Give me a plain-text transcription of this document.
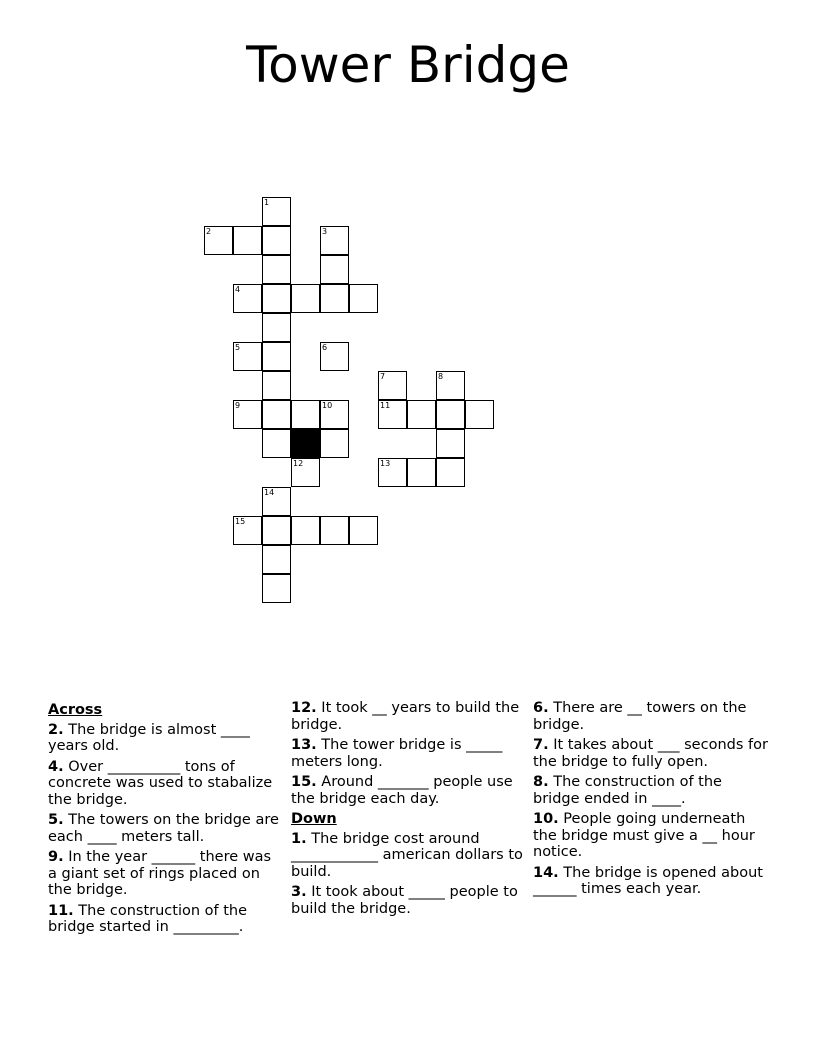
Tower Bridge
1
2	3
4
5	6
7	8
9	10	11
12	13
14
15
Across
2. The bridge is almost ____ years old.
4. Over __________ tons of concrete was used to stabalize the bridge.
5. The towers on the bridge are each ____ meters tall.
9. In the year ______ there was a giant set of rings placed on the bridge.
11. The construction of the bridge started in _________.
12. It took __ years to build the bridge.
13. The tower bridge is _____ meters long.
15. Around _______ people use the bridge each day.
Down
1. The bridge cost around ____________ american dollars to build.
3. It took about _____ people to build the bridge.
6. There are __ towers on the bridge.
7. It takes about ___ seconds for the bridge to fully open.
8. The construction of the bridge ended in ____.
10. People going underneath the bridge must give a __ hour notice.
14. The bridge is opened about ______ times each year.
